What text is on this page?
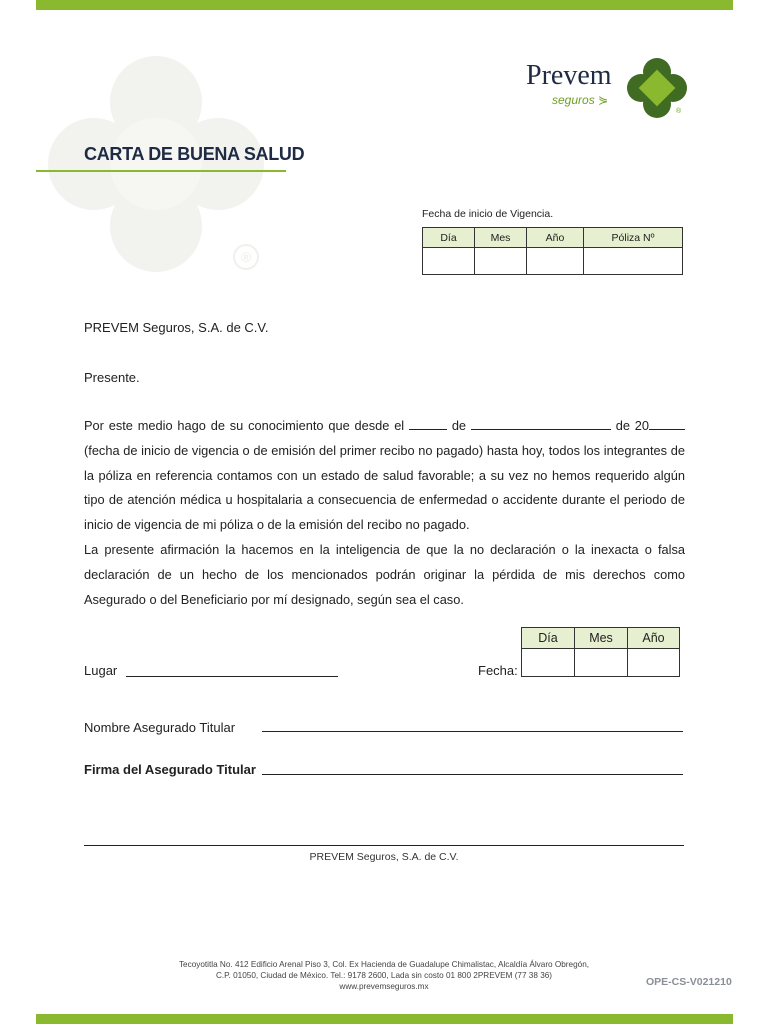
®
Prevem
seguros ⋟
®
CARTA DE BUENA SALUD
Fecha de inicio de Vigencia.
Día	Mes	Año	Póliza Nº

PREVEM Seguros, S.A. de C.V.
Presente.

Por este medio hago de su conocimiento que desde el	de	de 20 (fecha de inicio de vigencia o de emisión del primer recibo no pagado) hasta hoy, todos los integrantes de la póliza en referencia contamos con un estado de salud favorable; a su vez no hemos requerido algún tipo de atención médica u hospitalaria a consecuencia de enfermedad o accidente durante el periodo de inicio de vigencia de mi póliza o de la emisión del recibo no pagado.

La presente afirmación la hacemos en la inteligencia de que la no declaración o la inexacta o falsa declaración de un hecho de los mencionados podrán originar la pérdida de mis derechos como Asegurado o del Beneficiario por mí designado, según sea el caso.

Día	Mes	Año

Lugar	Fecha:
Nombre Asegurado Titular
Firma del Asegurado Titular
PREVEM Seguros, S.A. de C.V.
Tecoyotitla No. 412 Edificio Arenal Piso 3, Col. Ex Hacienda de Guadalupe Chimalistac, Alcaldía Álvaro Obregón,
C.P. 01050, Ciudad de México. Tel.: 9178 2600, Lada sin costo 01 800 2PREVEM (77 38 36)
www.prevemseguros.mx	OPE-CS-V021210
